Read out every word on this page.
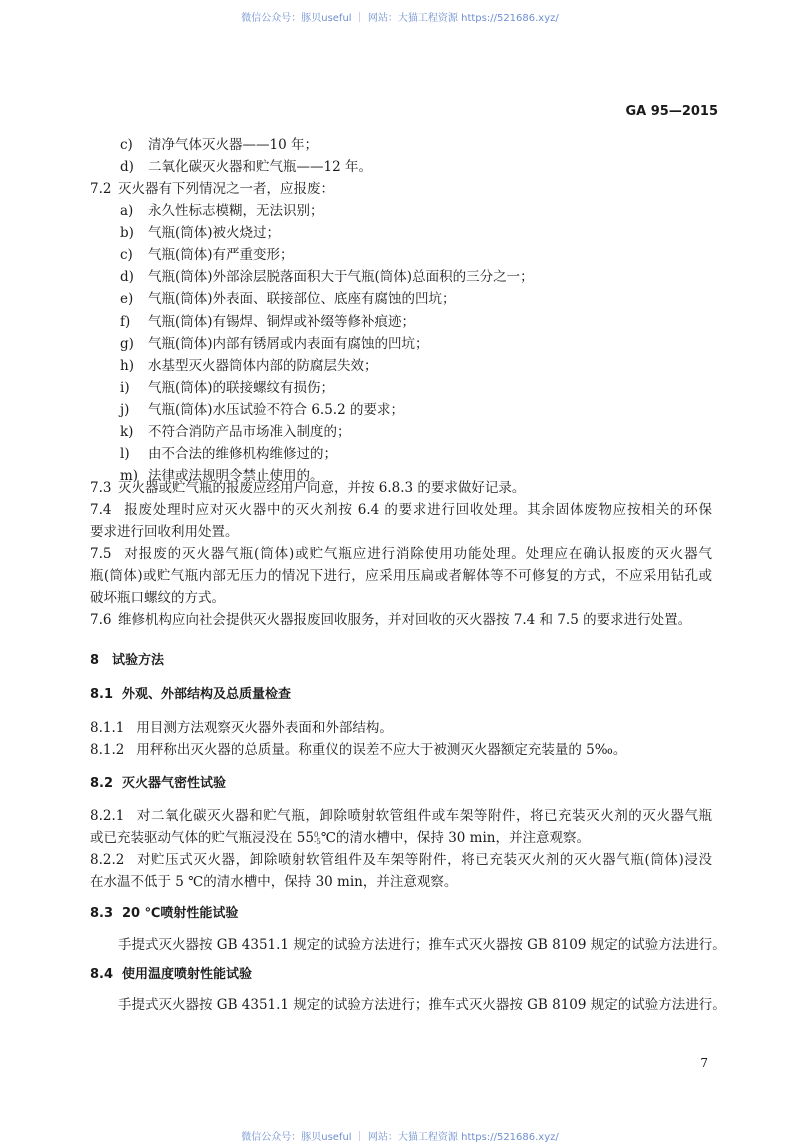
微信公众号：豚贝useful ｜ 网站：大猫工程资源 https://521686.xyz/
GA 95—2015
c) 清净气体灭火器——10 年；
d) 二氧化碳灭火器和贮气瓶——12 年。
7.2 灭火器有下列情况之一者，应报废：
a) 永久性标志模糊，无法识别；
b) 气瓶(筒体)被火烧过；
c) 气瓶(筒体)有严重变形；
d) 气瓶(筒体)外部涂层脱落面积大于气瓶(筒体)总面积的三分之一；
e) 气瓶(筒体)外表面、联接部位、底座有腐蚀的凹坑；
f) 气瓶(筒体)有锡焊、铜焊或补缀等修补痕迹；
g) 气瓶(筒体)内部有锈屑或内表面有腐蚀的凹坑；
h) 水基型灭火器筒体内部的防腐层失效；
i) 气瓶(筒体)的联接螺纹有损伤；
j) 气瓶(筒体)水压试验不符合 6.5.2 的要求；
k) 不符合消防产品市场准入制度的；
l) 由不合法的维修机构维修过的；
m) 法律或法规明令禁止使用的。
7.3 灭火器或贮气瓶的报废应经用户同意，并按 6.8.3 的要求做好记录。
7.4 报废处理时应对灭火器中的灭火剂按 6.4 的要求进行回收处理。其余固体废物应按相关的环保
要求进行回收利用处置。
7.5 对报废的灭火器气瓶(筒体)或贮气瓶应进行消除使用功能处理。处理应在确认报废的灭火器气
瓶(筒体)或贮气瓶内部无压力的情况下进行，应采用压扁或者解体等不可修复的方式，不应采用钻孔或
破坏瓶口螺纹的方式。
7.6 维修机构应向社会提供灭火器报废回收服务，并对回收的灭火器按 7.4 和 7.5 的要求进行处置。
8 试验方法
8.1 外观、外部结构及总质量检查
8.1.1 用目测方法观察灭火器外表面和外部结构。
8.1.2 用秤称出灭火器的总质量。称重仪的误差不应大于被测灭火器额定充装量的 5‰。
8.2 灭火器气密性试验
8.2.1 对二氧化碳灭火器和贮气瓶，卸除喷射软管组件或车架等附件，将已充装灭火剂的灭火器气瓶
或已充装驱动气体的贮气瓶浸没在 55 0
-5 ℃的清水槽中，保持 30 min，并注意观察。
8.2.2 对贮压式灭火器，卸除喷射软管组件及车架等附件，将已充装灭火剂的灭火器气瓶(筒体)浸没
在水温不低于 5 ℃的清水槽中，保持 30 min，并注意观察。
8.3 20 ℃喷射性能试验
手提式灭火器按 GB 4351.1 规定的试验方法进行；推车式灭火器按 GB 8109 规定的试验方法进行。
8.4 使用温度喷射性能试验
手提式灭火器按 GB 4351.1 规定的试验方法进行；推车式灭火器按 GB 8109 规定的试验方法进行。
7
微信公众号：豚贝useful ｜ 网站：大猫工程资源 https://521686.xyz/
